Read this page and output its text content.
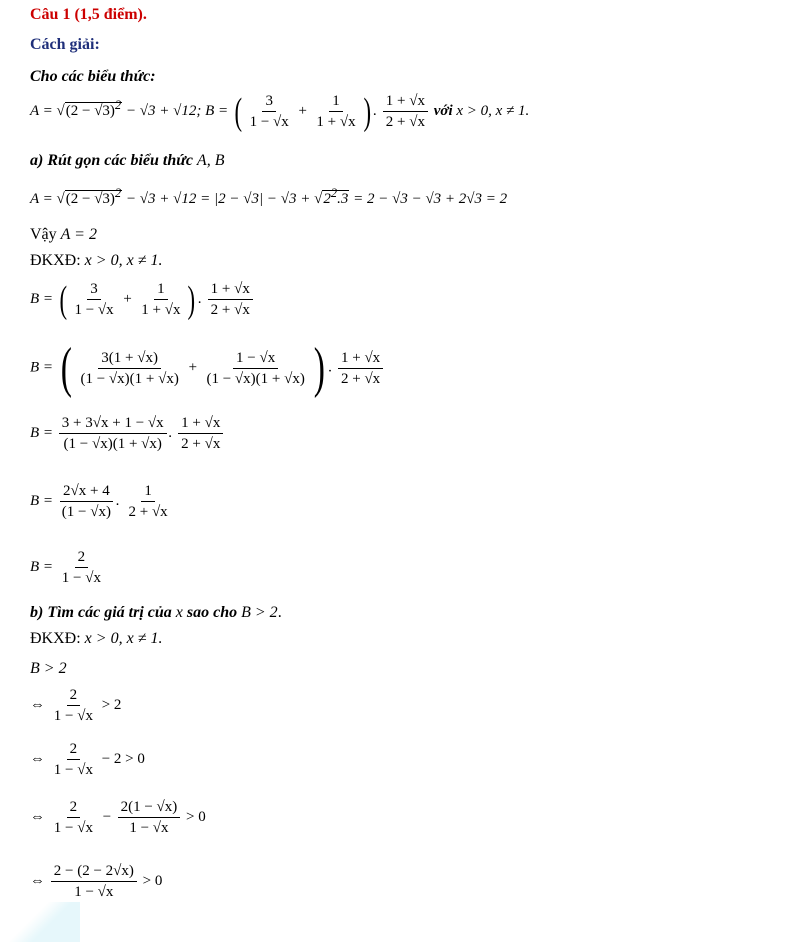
Câu 1 (1,5 điểm).
Cách giải:
Cho các biểu thức:
$A = √(2 - √3)^2 - √3 + √12$; B = ( $\frac{3}{1 - √x} + \frac{1}{1 + √x}$ ) . $\frac{1 + √x}{2 + √x}$ với x > 0, x ≠ 1.
a) Rút gọn các biểu thức A, B
$A = √(2 - √3)^2 - √3 + √12 = |2 - √3| - √3 + √2^2.3 = 2 - √3 - √3 + 2√3 = 2$
Vậy A = 2
ĐKXĐ: x > 0, x ≠ 1.
B = ( $\frac{3}{1 - √x} + \frac{1}{1 + √x}$ ) . $\frac{1 + √x}{2 + √x}$
B = ( $\frac{3(1 + √x)}{(1 - √x)(1 + √x)} + \frac{1 - √x}{(1 - √x)(1 + √x)}$ ) . $\frac{1 + √x}{2 + √x}$
$B = \frac{3 + 3√x + 1 - √x}{(1 - √x)(1 + √x)}$ . $\frac{1 + √x}{2 + √x}$
$B = \frac{2√x + 4}{(1 - √x)}$ . $\frac{1}{2 + √x}$
$B = \frac{2}{1 - √x}$
b) Tìm các giá trị của x sao cho B > 2.
ĐKXĐ: x > 0, x ≠ 1.
B > 2
⇔ $\frac{2}{1 - √x} > 2$
⇔ $\frac{2}{1 - √x} - 2 > 0$
⇔ $\frac{2}{1 - √x} - \frac{2(1 - √x)}{1 - √x} > 0$
⇔ $\frac{2 - (2 - 2√x)}{1 - √x} > 0$
